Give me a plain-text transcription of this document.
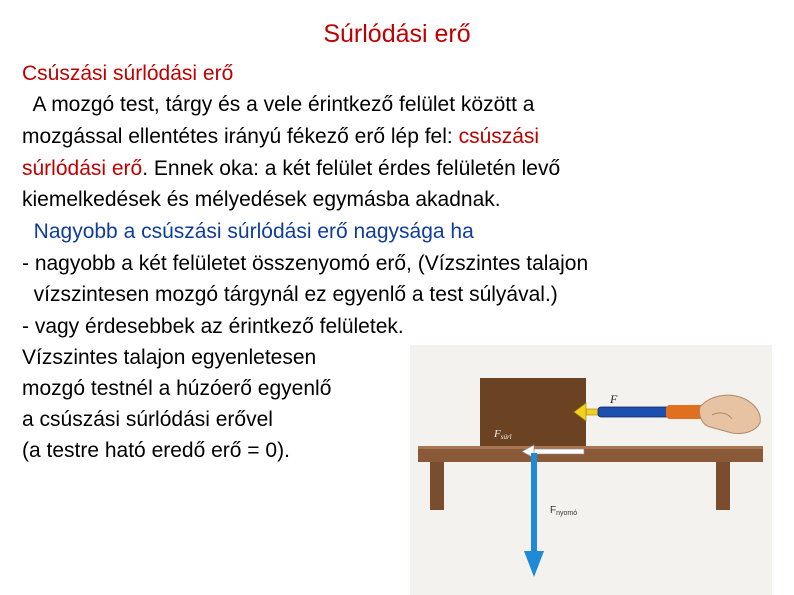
Súrlódási erő
Csúszási súrlódási erő
A mozgó test, tárgy és a vele érintkező felület között a
mozgással ellentétes irányú fékező erő lép fel: csúszási
súrlódási erő. Ennek oka: a két felület érdes felületén levő
kiemelkedések és mélyedések egymásba akadnak.
Nagyobb a csúszási súrlódási erő nagysága ha
- nagyobb a két felületet összenyomó erő, (Vízszintes talajon
vízszintesen mozgó tárgynál ez egyenlő a test súlyával.)
- vagy érdesebbek az érintkező felületek.
Vízszintes talajon egyenletesen
mozgó testnél a húzóerő egyenlő
a csúszási súrlódási erővel
(a testre ható eredő erő = 0).
F
Fsúrl
$F_{nyomó}$
